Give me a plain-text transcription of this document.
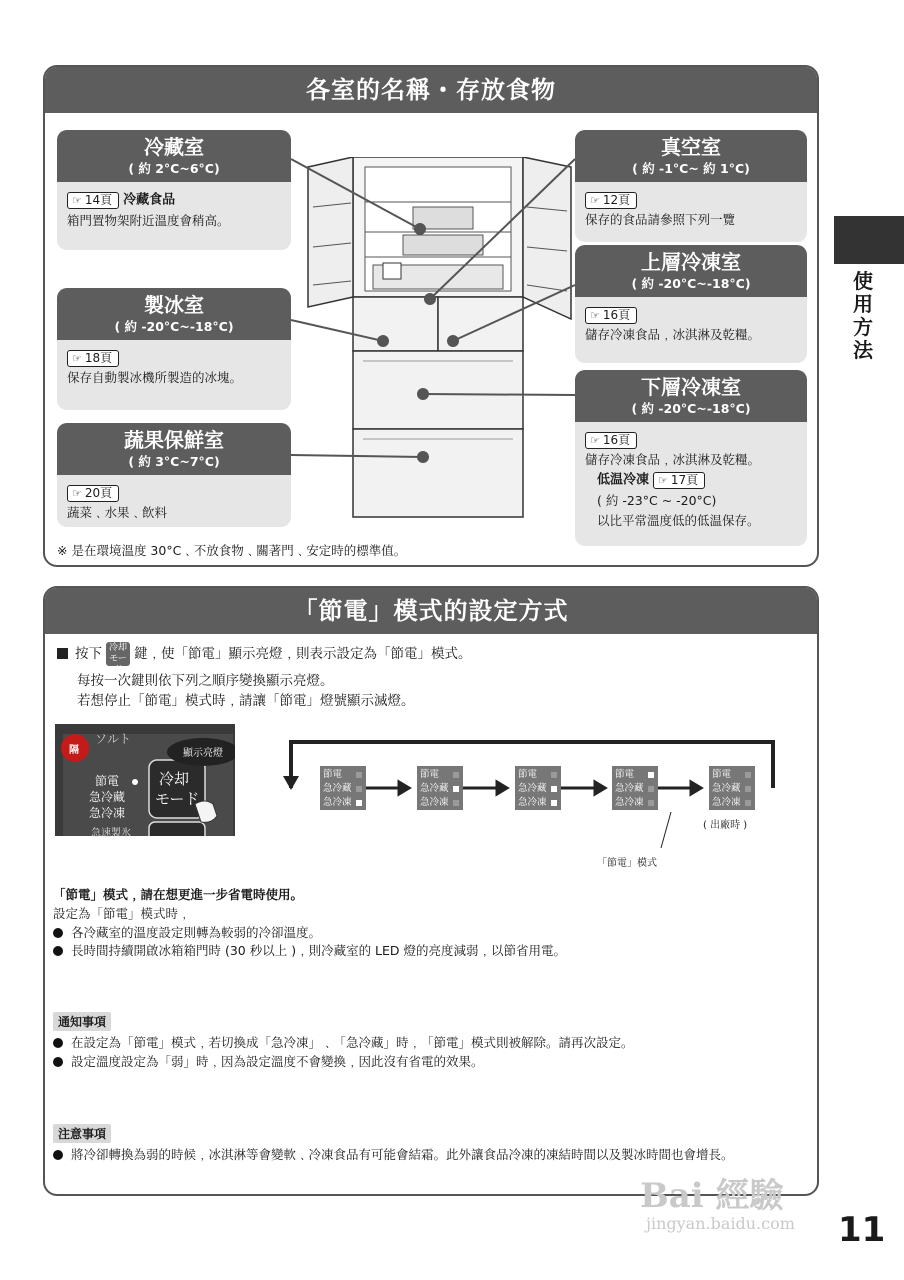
各室的名稱・存放食物
冷藏室
( 約 2°C~6°C)
☞ 14頁 冷藏食品
箱門置物架附近溫度會稍高。
製冰室
( 約 -20°C~-18°C)
☞ 18頁
保存自動製冰機所製造的冰塊。
蔬果保鮮室
( 約 3°C~7°C)
☞ 20頁
蔬菜﹑水果﹑飲料
真空室
( 約 -1°C~ 約 1°C)
☞ 12頁
保存的食品請參照下列一覽
上層冷凍室
( 約 -20°C~-18°C)
☞ 16頁
儲存冷凍食品﹐冰淇淋及乾糧。
下層冷凍室
( 約 -20°C~-18°C)
☞ 16頁
儲存冷凍食品﹐冰淇淋及乾糧。
低温冷凍 ☞ 17頁
( 約 -23°C ~ -20°C)
以比平常溫度低的低温保存。
※ 是在環境溫度 30°C﹑不放食物﹑關著門﹑安定時的標準值。
「節電」模式的設定方式
按下 冷却
モード鍵﹐使「節電」顯示亮燈﹐則表示設定為「節電」模式。
每按一次鍵則依下列之順序變換顯示亮燈。
若想停止「節電」模式時﹐請讓「節電」燈號顯示滅燈。
ソルト
隔	顯示亮燈
節電
急冷藏
急冷凍
冷却
モード
急速製氷
節電
急冷藏
急冷凍
節電
急冷藏
急冷凍
節電
急冷藏
急冷凍
節電
急冷藏
急冷凍
節電
急冷藏
急冷凍
( 出廠時 )
「節電」模式
「節電」模式﹐請在想更進一步省電時使用。
設定為「節電」模式時﹐
各冷藏室的溫度設定則轉為較弱的冷卻溫度。
長時間持續開啟冰箱箱門時 (30 秒以上 )﹐則冷藏室的 LED 燈的亮度減弱﹐以節省用電。
通知事項
在設定為「節電」模式﹐若切換成「急冷凍」﹑「急冷藏」時﹐「節電」模式則被解除。請再次設定。
設定溫度設定為「弱」時﹐因為設定溫度不會變換﹐因此沒有省電的效果。
注意事項
將冷卻轉換為弱的時候﹐冰淇淋等會變軟﹑冷凍食品有可能會結霜。此外讓食品冷凍的凍結時間以及製冰時間也會增長。
使用方法
Bai 經驗
jingyan.baidu.com 11
